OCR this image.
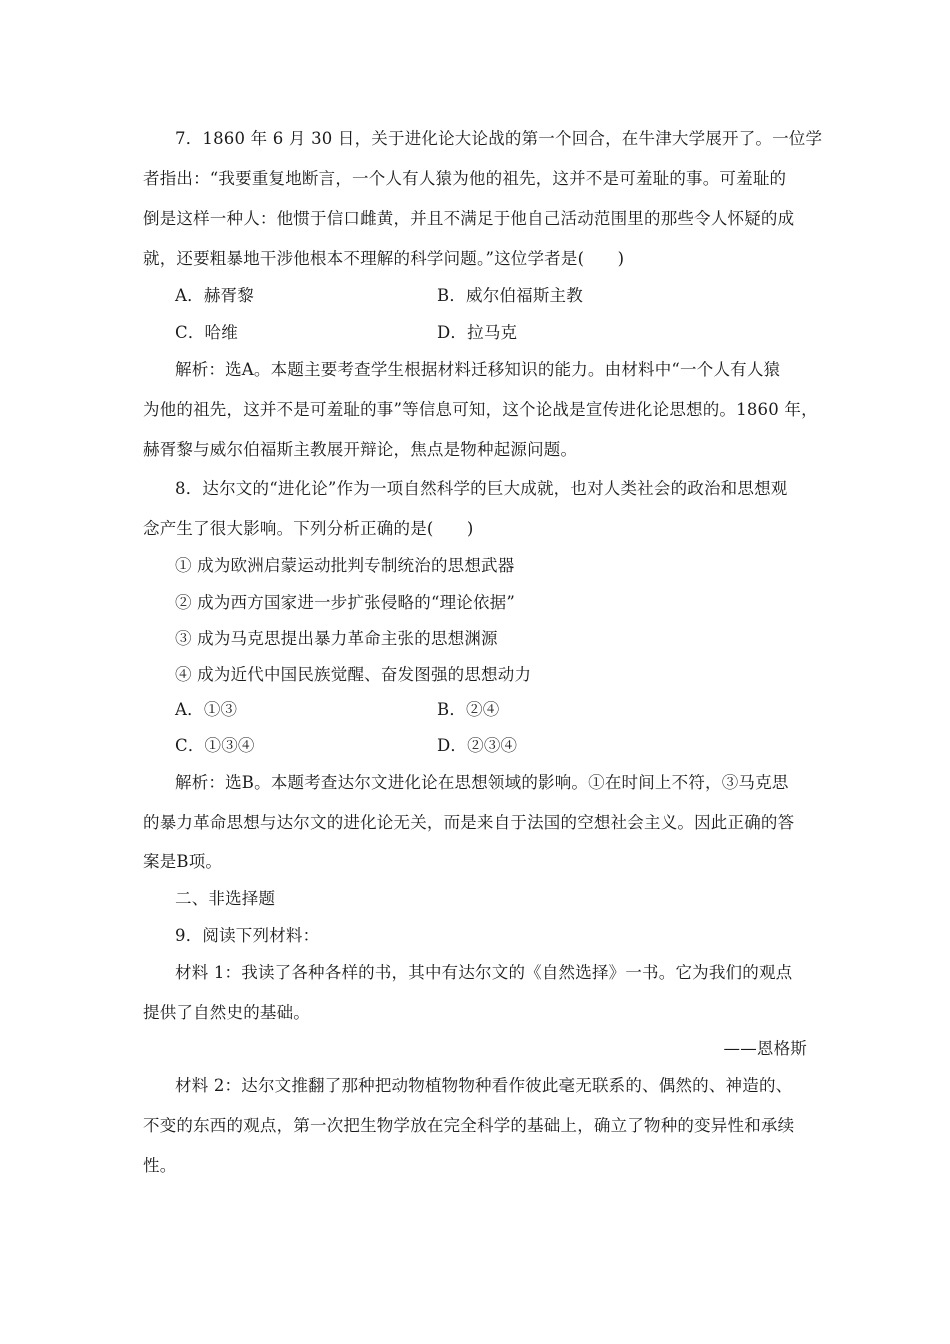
7．1860 年 6 月 30 日，关于进化论大论战的第一个回合，在牛津大学展开了。一位学
者指出：“我要重复地断言，一个人有人猿为他的祖先，这并不是可羞耻的事。可羞耻的
倒是这样一种人：他惯于信口雌黄，并且不满足于他自己活动范围里的那些令人怀疑的成
就，还要粗暴地干涉他根本不理解的科学问题。”这位学者是(　　)
A．赫胥黎	B．威尔伯福斯主教
C．哈维	D．拉马克
解析：选A。本题主要考查学生根据材料迁移知识的能力。由材料中“一个人有人猿
为他的祖先，这并不是可羞耻的事”等信息可知，这个论战是宣传进化论思想的。1860 年，
赫胥黎与威尔伯福斯主教展开辩论，焦点是物种起源问题。
8．达尔文的“进化论”作为一项自然科学的巨大成就，也对人类社会的政治和思想观
念产生了很大影响。下列分析正确的是(　　)
① 成为欧洲启蒙运动批判专制统治的思想武器
② 成为西方国家进一步扩张侵略的“理论依据”
③ 成为马克思提出暴力革命主张的思想渊源
④ 成为近代中国民族觉醒、奋发图强的思想动力
A．①③	B．②④
C．①③④	D．②③④
解析：选B。本题考查达尔文进化论在思想领域的影响。①在时间上不符，③马克思
的暴力革命思想与达尔文的进化论无关，而是来自于法国的空想社会主义。因此正确的答
案是B项。
二、非选择题
9．阅读下列材料：
材料 1：我读了各种各样的书，其中有达尔文的《自然选择》一书。它为我们的观点
提供了自然史的基础。
——恩格斯
材料 2：达尔文推翻了那种把动物植物物种看作彼此毫无联系的、偶然的、神造的、
不变的东西的观点，第一次把生物学放在完全科学的基础上，确立了物种的变异性和承续
性。
